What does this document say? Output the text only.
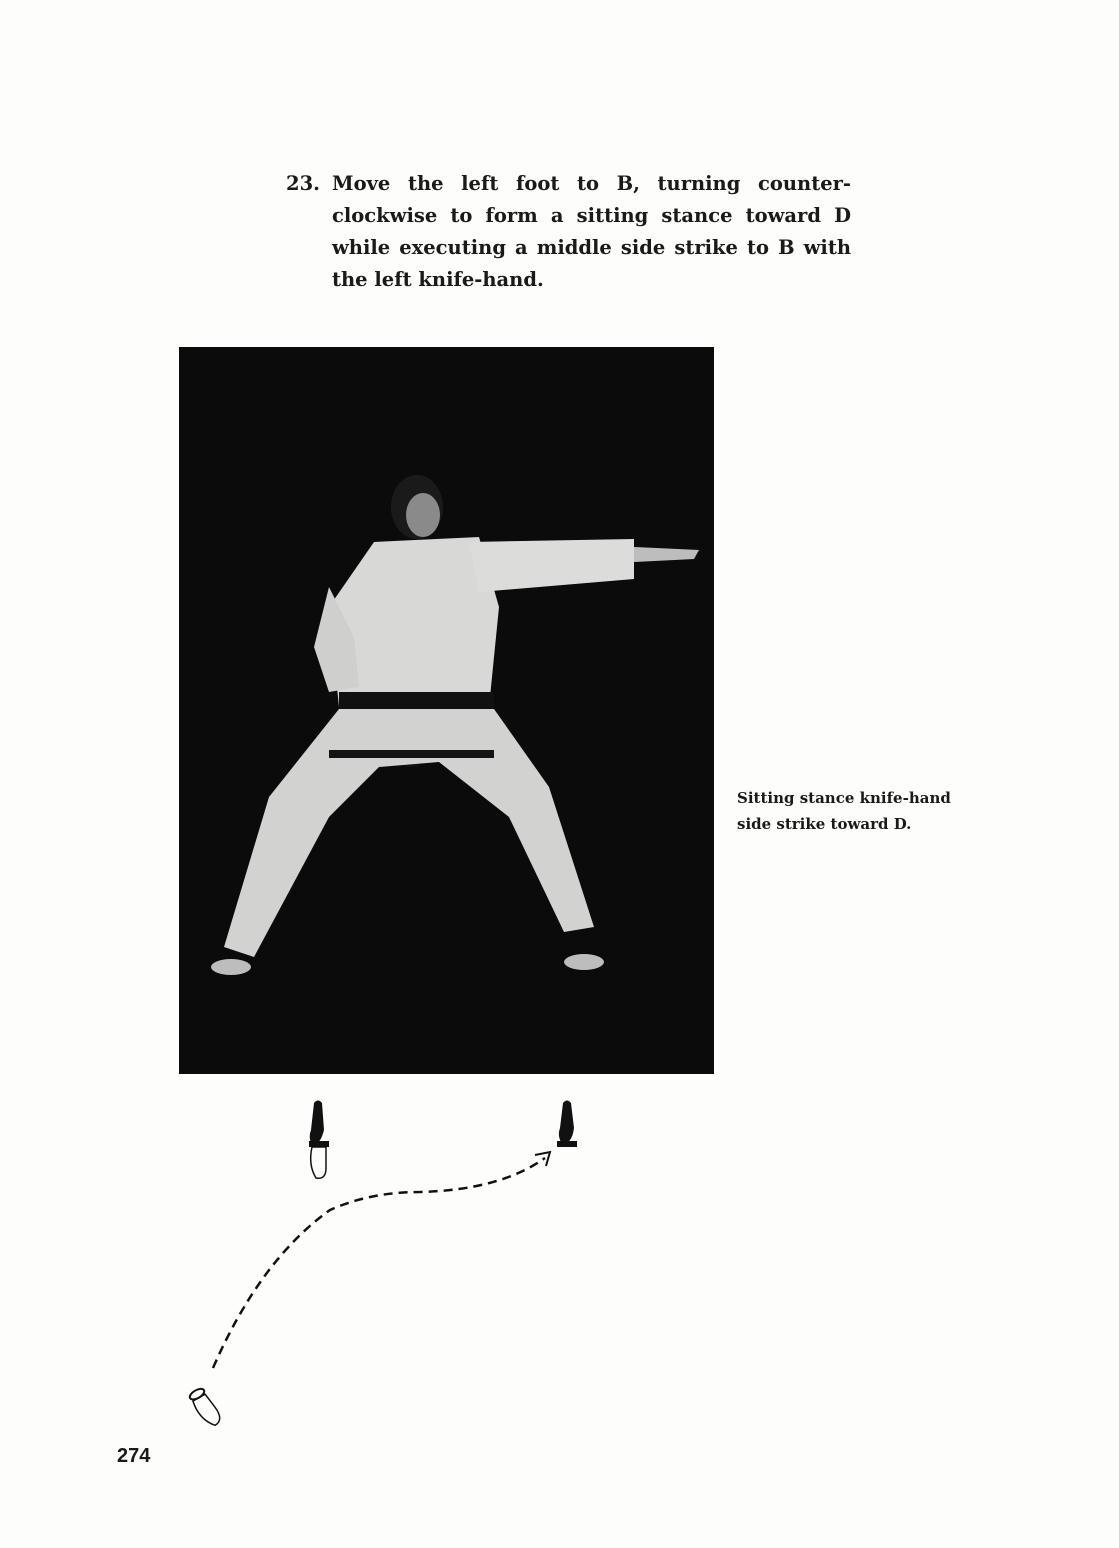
23. Move the left foot to B, turning counter-clockwise to form a sitting stance toward D while executing a middle side strike to B with the left knife-hand.
Sitting stance knife-hand
side strike toward D.
274
